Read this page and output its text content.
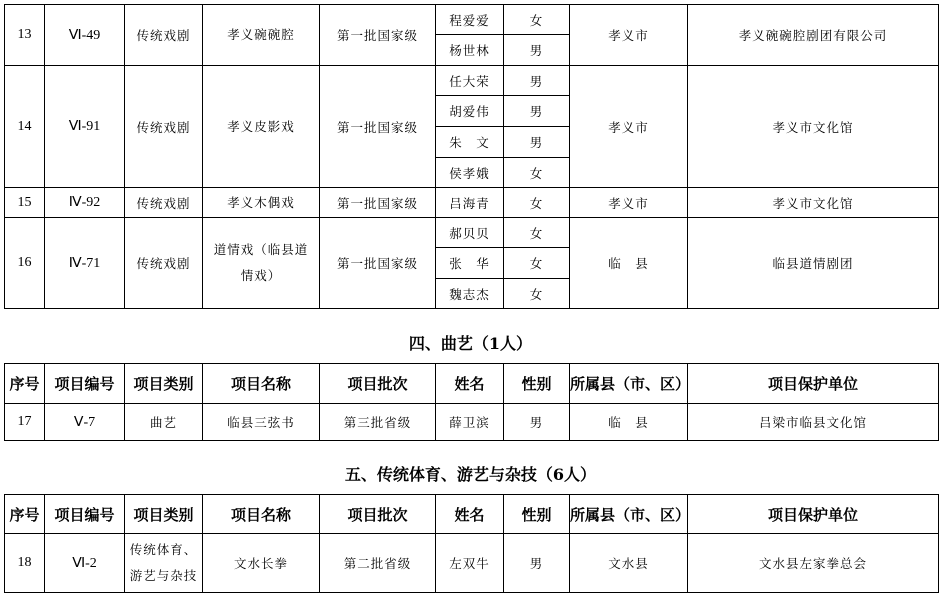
13	Ⅵ-49	传统戏剧	孝义碗碗腔	第一批国家级	程爱爱	女	孝义市	孝义碗碗腔剧团有限公司
					杨世林	男		
14	Ⅵ-91	传统戏剧	孝义皮影戏	第一批国家级	任大荣	男	孝义市	孝义市文化馆
					胡爱伟	男		
					朱　文	男		
					侯孝娥	女		
15	Ⅳ-92	传统戏剧	孝义木偶戏	第一批国家级	吕海青	女	孝义市	孝义市文化馆
16	Ⅳ-71	传统戏剧	道情戏（临县道情戏）	第一批国家级	郝贝贝	女	临　县	临县道情剧团
					张　华	女		
					魏志杰	女		
四、曲艺（1人）
序号	项目编号	项目类别	项目名称	项目批次	姓名	性别	所属县（市、区）	项目保护单位
17	Ⅴ-7	曲艺	临县三弦书	第三批省级	薛卫滨	男	临　县	吕梁市临县文化馆
五、传统体育、游艺与杂技（6人）
序号	项目编号	项目类别	项目名称	项目批次	姓名	性别	所属县（市、区）	项目保护单位
18	Ⅵ-2	传统体育、游艺与杂技	文水长拳	第二批省级	左双牛	男	文水县	文水县左家拳总会
